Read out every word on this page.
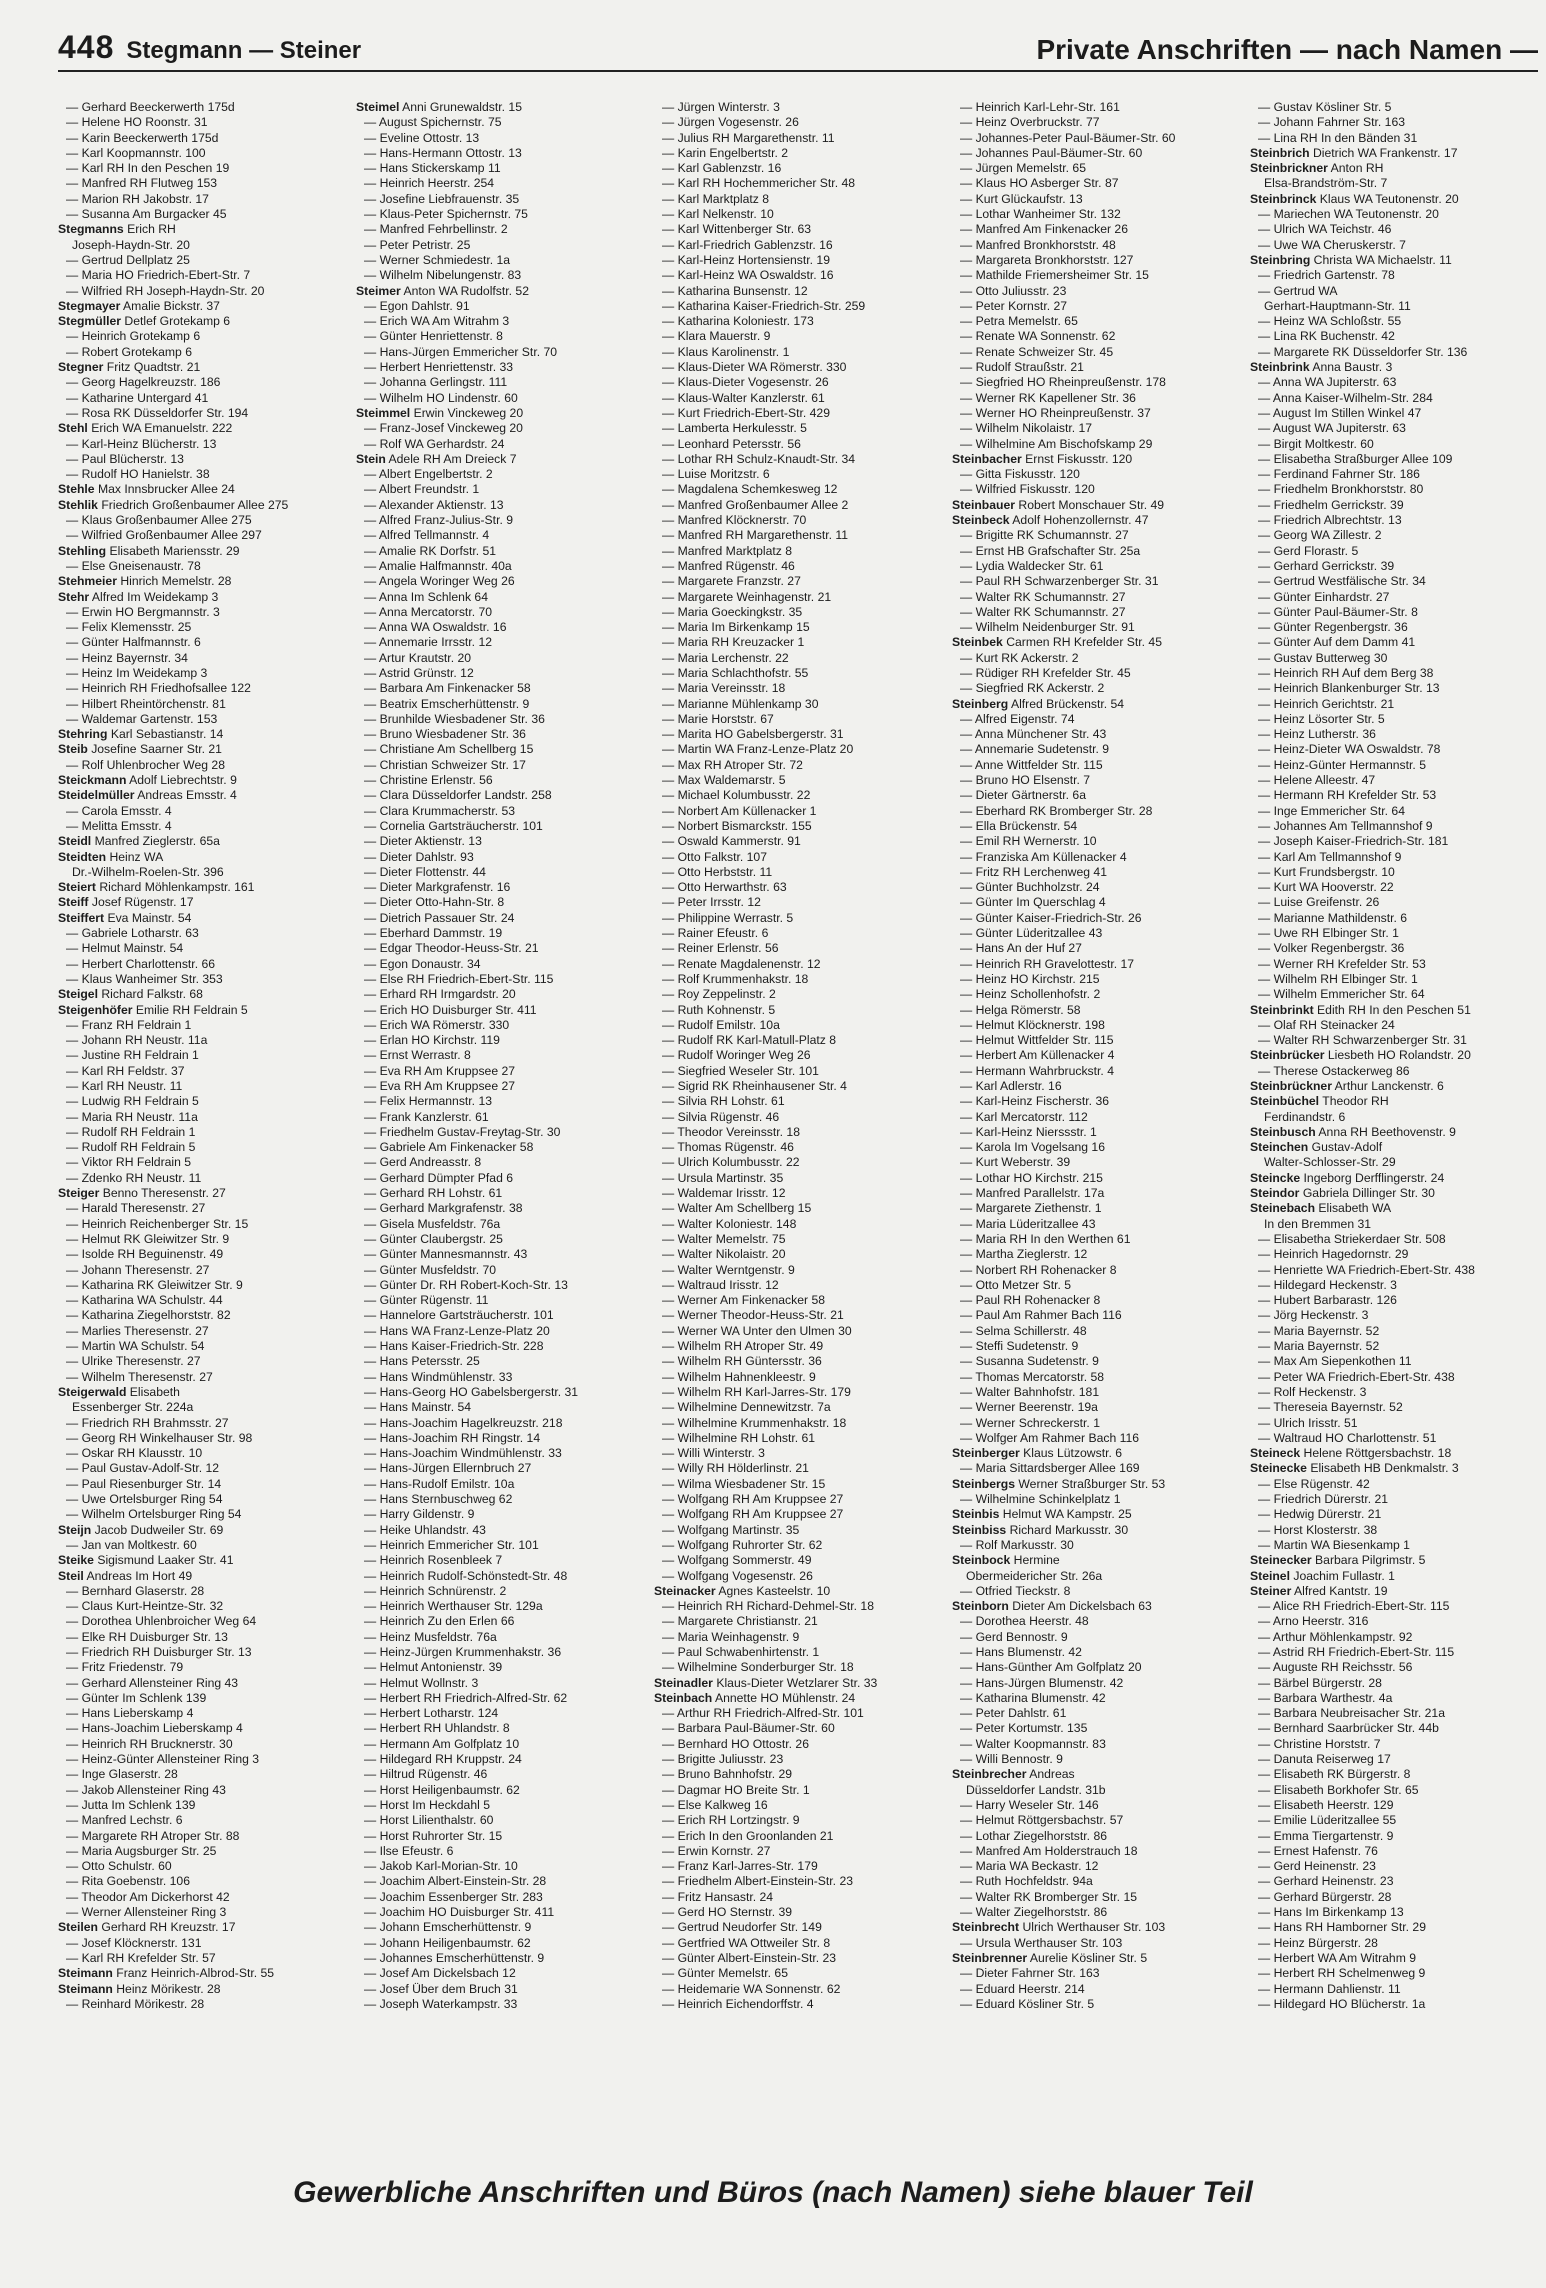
448 Stegmann — Steiner	Private Anschriften — nach Namen —
— Gerhard Beeckerwerth 175d
— Helene HO Roonstr. 31
— Karin Beeckerwerth 175d
— Karl Koopmannstr. 100
— Karl RH In den Peschen 19
— Manfred RH Flutweg 153
— Marion RH Jakobstr. 17
— Susanna Am Burgacker 45
Stegmanns Erich RH
Joseph-Haydn-Str. 20
— Gertrud Dellplatz 25
— Maria HO Friedrich-Ebert-Str. 7
— Wilfried RH Joseph-Haydn-Str. 20
Stegmayer Amalie Bickstr. 37
Stegmüller Detlef Grotekamp 6
— Heinrich Grotekamp 6
— Robert Grotekamp 6
Stegner Fritz Quadtstr. 21
— Georg Hagelkreuzstr. 186
— Katharine Untergard 41
— Rosa RK Düsseldorfer Str. 194
Stehl Erich WA Emanuelstr. 222
— Karl-Heinz Blücherstr. 13
— Paul Blücherstr. 13
— Rudolf HO Hanielstr. 38
Stehle Max Innsbrucker Allee 24
Stehlik Friedrich Großenbaumer Allee 275
— Klaus Großenbaumer Allee 275
— Wilfried Großenbaumer Allee 297
Stehling Elisabeth Mariensstr. 29
— Else Gneisenaustr. 78
Stehmeier Hinrich Memelstr. 28
Stehr Alfred Im Weidekamp 3
— Erwin HO Bergmannstr. 3
— Felix Klemensstr. 25
— Günter Halfmannstr. 6
— Heinz Bayernstr. 34
— Heinz Im Weidekamp 3
— Heinrich RH Friedhofsallee 122
— Hilbert Rheintörchenstr. 81
— Waldemar Gartenstr. 153
Stehring Karl Sebastianstr. 14
Steib Josefine Saarner Str. 21
— Rolf Uhlenbrocher Weg 28
Steickmann Adolf Liebrechtstr. 9
Steidelmüller Andreas Emsstr. 4
— Carola Emsstr. 4
— Melitta Emsstr. 4
Steidl Manfred Zieglerstr. 65a
Steidten Heinz WA
Dr.-Wilhelm-Roelen-Str. 396
Steiert Richard Möhlenkampstr. 161
Steiff Josef Rügenstr. 17
Steiffert Eva Mainstr. 54
— Gabriele Lotharstr. 63
— Helmut Mainstr. 54
— Herbert Charlottenstr. 66
— Klaus Wanheimer Str. 353
Steigel Richard Falkstr. 68
Steigenhöfer Emilie RH Feldrain 5
— Franz RH Feldrain 1
— Johann RH Neustr. 11a
— Justine RH Feldrain 1
— Karl RH Feldstr. 37
— Karl RH Neustr. 11
— Ludwig RH Feldrain 5
— Maria RH Neustr. 11a
— Rudolf RH Feldrain 1
— Rudolf RH Feldrain 5
— Viktor RH Feldrain 5
— Zdenko RH Neustr. 11
Steiger Benno Theresenstr. 27
— Harald Theresenstr. 27
— Heinrich Reichenberger Str. 15
— Helmut RK Gleiwitzer Str. 9
— Isolde RH Beguinenstr. 49
— Johann Theresenstr. 27
— Katharina RK Gleiwitzer Str. 9
— Katharina WA Schulstr. 44
— Katharina Ziegelhorststr. 82
— Marlies Theresenstr. 27
— Martin WA Schulstr. 54
— Ulrike Theresenstr. 27
— Wilhelm Theresenstr. 27
Steigerwald Elisabeth
Essenberger Str. 224a
— Friedrich RH Brahmsstr. 27
— Georg RH Winkelhauser Str. 98
— Oskar RH Klausstr. 10
— Paul Gustav-Adolf-Str. 12
— Paul Riesenburger Str. 14
— Uwe Ortelsburger Ring 54
— Wilhelm Ortelsburger Ring 54
Steijn Jacob Dudweiler Str. 69
— Jan van Moltkestr. 60
Steike Sigismund Laaker Str. 41
Steil Andreas Im Hort 49
— Bernhard Glaserstr. 28
— Claus Kurt-Heintze-Str. 32
— Dorothea Uhlenbroicher Weg 64
— Elke RH Duisburger Str. 13
— Friedrich RH Duisburger Str. 13
— Fritz Friedenstr. 79
— Gerhard Allensteiner Ring 43
— Günter Im Schlenk 139
— Hans Lieberskamp 4
— Hans-Joachim Lieberskamp 4
— Heinrich RH Brucknerstr. 30
— Heinz-Günter Allensteiner Ring 3
— Inge Glaserstr. 28
— Jakob Allensteiner Ring 43
— Jutta Im Schlenk 139
— Manfred Lechstr. 6
— Margarete RH Atroper Str. 88
— Maria Augsburger Str. 25
— Otto Schulstr. 60
— Rita Goebenstr. 106
— Theodor Am Dickerhorst 42
— Werner Allensteiner Ring 3
Steilen Gerhard RH Kreuzstr. 17
— Josef Klöcknerstr. 131
— Karl RH Krefelder Str. 57
Steimann Franz Heinrich-Albrod-Str. 55
Steimann Heinz Mörikestr. 28
— Reinhard Mörikestr. 28
Steimel Anni Grunewaldstr. 15
— August Spichernstr. 75
— Eveline Ottostr. 13
— Hans-Hermann Ottostr. 13
— Hans Stickerskamp 11
— Heinrich Heerstr. 254
— Josefine Liebfrauenstr. 35
— Klaus-Peter Spichernstr. 75
— Manfred Fehrbellinstr. 2
— Peter Petristr. 25
— Werner Schmiedestr. 1a
— Wilhelm Nibelungenstr. 83
Steimer Anton WA Rudolfstr. 52
— Egon Dahlstr. 91
— Erich WA Am Witrahm 3
— Günter Henriettenstr. 8
— Hans-Jürgen Emmericher Str. 70
— Herbert Henriettenstr. 33
— Johanna Gerlingstr. 111
— Wilhelm HO Lindenstr. 60
Steimmel Erwin Vinckeweg 20
— Franz-Josef Vinckeweg 20
— Rolf WA Gerhardstr. 24
Stein Adele RH Am Dreieck 7
— Albert Engelbertstr. 2
— Albert Freundstr. 1
— Alexander Aktienstr. 13
— Alfred Franz-Julius-Str. 9
— Alfred Tellmannstr. 4
— Amalie RK Dorfstr. 51
— Amalie Halfmannstr. 40a
— Angela Woringer Weg 26
— Anna Im Schlenk 64
— Anna Mercatorstr. 70
— Anna WA Oswaldstr. 16
— Annemarie Irrsstr. 12
— Artur Krautstr. 20
— Astrid Grünstr. 12
— Barbara Am Finkenacker 58
— Beatrix Emscherhüttenstr. 9
— Brunhilde Wiesbadener Str. 36
— Bruno Wiesbadener Str. 36
— Christiane Am Schellberg 15
— Christian Schweizer Str. 17
— Christine Erlenstr. 56
— Clara Düsseldorfer Landstr. 258
— Clara Krummacherstr. 53
— Cornelia Gartsträucherstr. 101
— Dieter Aktienstr. 13
— Dieter Dahlstr. 93
— Dieter Flottenstr. 44
— Dieter Markgrafenstr. 16
— Dieter Otto-Hahn-Str. 8
— Dietrich Passauer Str. 24
— Eberhard Dammstr. 19
— Edgar Theodor-Heuss-Str. 21
— Egon Donaustr. 34
— Else RH Friedrich-Ebert-Str. 115
— Erhard RH Irmgardstr. 20
— Erich HO Duisburger Str. 411
— Erich WA Römerstr. 330
— Erlan HO Kirchstr. 119
— Ernst Werrastr. 8
— Eva RH Am Kruppsee 27
— Eva RH Am Kruppsee 27
— Felix Hermannstr. 13
— Frank Kanzlerstr. 61
— Friedhelm Gustav-Freytag-Str. 30
— Gabriele Am Finkenacker 58
— Gerd Andreasstr. 8
— Gerhard Dümpter Pfad 6
— Gerhard RH Lohstr. 61
— Gerhard Markgrafenstr. 38
— Gisela Musfeldstr. 76a
— Günter Claubergstr. 25
— Günter Mannesmannstr. 43
— Günter Musfeldstr. 70
— Günter Dr. RH Robert-Koch-Str. 13
— Günter Rügenstr. 11
— Hannelore Gartsträucherstr. 101
— Hans WA Franz-Lenze-Platz 20
— Hans Kaiser-Friedrich-Str. 228
— Hans Petersstr. 25
— Hans Windmühlenstr. 33
— Hans-Georg HO Gabelsbergerstr. 31
— Hans Mainstr. 54
— Hans-Joachim Hagelkreuzstr. 218
— Hans-Joachim RH Ringstr. 14
— Hans-Joachim Windmühlenstr. 33
— Hans-Jürgen Ellernbruch 27
— Hans-Rudolf Emilstr. 10a
— Hans Sternbuschweg 62
— Harry Gildenstr. 9
— Heike Uhlandstr. 43
— Heinrich Emmericher Str. 101
— Heinrich Rosenbleek 7
— Heinrich Rudolf-Schönstedt-Str. 48
— Heinrich Schnürenstr. 2
— Heinrich Werthauser Str. 129a
— Heinrich Zu den Erlen 66
— Heinz Musfeldstr. 76a
— Heinz-Jürgen Krummenhakstr. 36
— Helmut Antonienstr. 39
— Helmut Wollnstr. 3
— Herbert RH Friedrich-Alfred-Str. 62
— Herbert Lotharstr. 124
— Herbert RH Uhlandstr. 8
— Hermann Am Golfplatz 10
— Hildegard RH Kruppstr. 24
— Hiltrud Rügenstr. 46
— Horst Heiligenbaumstr. 62
— Horst Im Heckdahl 5
— Horst Lilienthalstr. 60
— Horst Ruhrorter Str. 15
— Ilse Efeustr. 6
— Jakob Karl-Morian-Str. 10
— Joachim Albert-Einstein-Str. 28
— Joachim Essenberger Str. 283
— Joachim HO Duisburger Str. 411
— Johann Emscherhüttenstr. 9
— Johann Heiligenbaumstr. 62
— Johannes Emscherhüttenstr. 9
— Josef Am Dickelsbach 12
— Josef Über dem Bruch 31
— Joseph Waterkampstr. 33
— Jürgen Winterstr. 3
— Jürgen Vogesenstr. 26
— Julius RH Margarethenstr. 11
— Karin Engelbertstr. 2
— Karl Gablenzstr. 16
— Karl RH Hochemmericher Str. 48
— Karl Marktplatz 8
— Karl Nelkenstr. 10
— Karl Wittenberger Str. 63
— Karl-Friedrich Gablenzstr. 16
— Karl-Heinz Hortensienstr. 19
— Karl-Heinz WA Oswaldstr. 16
— Katharina Bunsenstr. 12
— Katharina Kaiser-Friedrich-Str. 259
— Katharina Koloniestr. 173
— Klara Mauerstr. 9
— Klaus Karolinenstr. 1
— Klaus-Dieter WA Römerstr. 330
— Klaus-Dieter Vogesenstr. 26
— Klaus-Walter Kanzlerstr. 61
— Kurt Friedrich-Ebert-Str. 429
— Lamberta Herkulesstr. 5
— Leonhard Petersstr. 56
— Lothar RH Schulz-Knaudt-Str. 34
— Luise Moritzstr. 6
— Magdalena Schemkesweg 12
— Manfred Großenbaumer Allee 2
— Manfred Klöcknerstr. 70
— Manfred RH Margarethenstr. 11
— Manfred Marktplatz 8
— Manfred Rügenstr. 46
— Margarete Franzstr. 27
— Margarete Weinhagenstr. 21
— Maria Goeckingkstr. 35
— Maria Im Birkenkamp 15
— Maria RH Kreuzacker 1
— Maria Lerchenstr. 22
— Maria Schlachthofstr. 55
— Maria Vereinsstr. 18
— Marianne Mühlenkamp 30
— Marie Horststr. 67
— Marita HO Gabelsbergerstr. 31
— Martin WA Franz-Lenze-Platz 20
— Max RH Atroper Str. 72
— Max Waldemarstr. 5
— Michael Kolumbusstr. 22
— Norbert Am Küllenacker 1
— Norbert Bismarckstr. 155
— Oswald Kammerstr. 91
— Otto Falkstr. 107
— Otto Herbststr. 11
— Otto Herwarthstr. 63
— Peter Irrsstr. 12
— Philippine Werrastr. 5
— Rainer Efeustr. 6
— Reiner Erlenstr. 56
— Renate Magdalenenstr. 12
— Rolf Krummenhakstr. 18
— Roy Zeppelinstr. 2
— Ruth Kohnenstr. 5
— Rudolf Emilstr. 10a
— Rudolf RK Karl-Matull-Platz 8
— Rudolf Woringer Weg 26
— Siegfried Weseler Str. 101
— Sigrid RK Rheinhausener Str. 4
— Silvia RH Lohstr. 61
— Silvia Rügenstr. 46
— Theodor Vereinsstr. 18
— Thomas Rügenstr. 46
— Ulrich Kolumbusstr. 22
— Ursula Martinstr. 35
— Waldemar Irisstr. 12
— Walter Am Schellberg 15
— Walter Koloniestr. 148
— Walter Memelstr. 75
— Walter Nikolaistr. 20
— Walter Werntgenstr. 9
— Waltraud Irisstr. 12
— Werner Am Finkenacker 58
— Werner Theodor-Heuss-Str. 21
— Werner WA Unter den Ulmen 30
— Wilhelm RH Atroper Str. 49
— Wilhelm RH Güntersstr. 36
— Wilhelm Hahnenkleestr. 9
— Wilhelm RH Karl-Jarres-Str. 179
— Wilhelmine Dennewitzstr. 7a
— Wilhelmine Krummenhakstr. 18
— Wilhelmine RH Lohstr. 61
— Willi Winterstr. 3
— Willy RH Hölderlinstr. 21
— Wilma Wiesbadener Str. 15
— Wolfgang RH Am Kruppsee 27
— Wolfgang RH Am Kruppsee 27
— Wolfgang Martinstr. 35
— Wolfgang Ruhrorter Str. 62
— Wolfgang Sommerstr. 49
— Wolfgang Vogesenstr. 26
Steinacker Agnes Kasteelstr. 10
— Heinrich RH Richard-Dehmel-Str. 18
— Margarete Christianstr. 21
— Maria Weinhagenstr. 9
— Paul Schwabenhirtenstr. 1
— Wilhelmine Sonderburger Str. 18
Steinadler Klaus-Dieter Wetzlarer Str. 33
Steinbach Annette HO Mühlenstr. 24
— Arthur RH Friedrich-Alfred-Str. 101
— Barbara Paul-Bäumer-Str. 60
— Bernhard HO Ottostr. 26
— Brigitte Juliusstr. 23
— Bruno Bahnhofstr. 29
— Dagmar HO Breite Str. 1
— Else Kalkweg 16
— Erich RH Lortzingstr. 9
— Erich In den Groonlanden 21
— Erwin Kornstr. 27
— Franz Karl-Jarres-Str. 179
— Friedhelm Albert-Einstein-Str. 23
— Fritz Hansastr. 24
— Gerd HO Sternstr. 39
— Gertrud Neudorfer Str. 149
— Gertfried WA Ottweiler Str. 8
— Günter Albert-Einstein-Str. 23
— Günter Memelstr. 65
— Heidemarie WA Sonnenstr. 62
— Heinrich Eichendorffstr. 4
— Heinrich Karl-Lehr-Str. 161
— Heinz Overbruckstr. 77
— Johannes-Peter Paul-Bäumer-Str. 60
— Johannes Paul-Bäumer-Str. 60
— Jürgen Memelstr. 65
— Klaus HO Asberger Str. 87
— Kurt Glückaufstr. 13
— Lothar Wanheimer Str. 132
— Manfred Am Finkenacker 26
— Manfred Bronkhorststr. 48
— Margareta Bronkhorststr. 127
— Mathilde Friemersheimer Str. 15
— Otto Juliusstr. 23
— Peter Kornstr. 27
— Petra Memelstr. 65
— Renate WA Sonnenstr. 62
— Renate Schweizer Str. 45
— Rudolf Straußstr. 21
— Siegfried HO Rheinpreußenstr. 178
— Werner RK Kapellener Str. 36
— Werner HO Rheinpreußenstr. 37
— Wilhelm Nikolaistr. 17
— Wilhelmine Am Bischofskamp 29
Steinbacher Ernst Fiskusstr. 120
— Gitta Fiskusstr. 120
— Wilfried Fiskusstr. 120
Steinbauer Robert Monschauer Str. 49
Steinbeck Adolf Hohenzollernstr. 47
— Brigitte RK Schumannstr. 27
— Ernst HB Grafschafter Str. 25a
— Lydia Waldecker Str. 61
— Paul RH Schwarzenberger Str. 31
— Walter RK Schumannstr. 27
— Walter RK Schumannstr. 27
— Wilhelm Neidenburger Str. 91
Steinbek Carmen RH Krefelder Str. 45
— Kurt RK Ackerstr. 2
— Rüdiger RH Krefelder Str. 45
— Siegfried RK Ackerstr. 2
Steinberg Alfred Brückenstr. 54
— Alfred Eigenstr. 74
— Anna Münchener Str. 43
— Annemarie Sudetenstr. 9
— Anne Wittfelder Str. 115
— Bruno HO Elsenstr. 7
— Dieter Gärtnerstr. 6a
— Eberhard RK Bromberger Str. 28
— Ella Brückenstr. 54
— Emil RH Wernerstr. 10
— Franziska Am Küllenacker 4
— Fritz RH Lerchenweg 41
— Günter Buchholzstr. 24
— Günter Im Querschlag 4
— Günter Kaiser-Friedrich-Str. 26
— Günter Lüderitzallee 43
— Hans An der Huf 27
— Heinrich RH Gravelottestr. 17
— Heinz HO Kirchstr. 215
— Heinz Schollenhofstr. 2
— Helga Römerstr. 58
— Helmut Klöcknerstr. 198
— Helmut Wittfelder Str. 115
— Herbert Am Küllenacker 4
— Hermann Wahrbruckstr. 4
— Karl Adlerstr. 16
— Karl-Heinz Fischerstr. 36
— Karl Mercatorstr. 112
— Karl-Heinz Nierssstr. 1
— Karola Im Vogelsang 16
— Kurt Weberstr. 39
— Lothar HO Kirchstr. 215
— Manfred Parallelstr. 17a
— Margarete Ziethenstr. 1
— Maria Lüderitzallee 43
— Maria RH In den Werthen 61
— Martha Zieglerstr. 12
— Norbert RH Rohenacker 8
— Otto Metzer Str. 5
— Paul RH Rohenacker 8
— Paul Am Rahmer Bach 116
— Selma Schillerstr. 48
— Steffi Sudetenstr. 9
— Susanna Sudetenstr. 9
— Thomas Mercatorstr. 58
— Walter Bahnhofstr. 181
— Werner Beerenstr. 19a
— Werner Schreckerstr. 1
— Wolfger Am Rahmer Bach 116
Steinberger Klaus Lützowstr. 6
— Maria Sittardsberger Allee 169
Steinbergs Werner Straßburger Str. 53
— Wilhelmine Schinkelplatz 1
Steinbis Helmut WA Kampstr. 25
Steinbiss Richard Markusstr. 30
— Rolf Markusstr. 30
Steinbock Hermine
Obermeidericher Str. 26a
— Otfried Tieckstr. 8
Steinborn Dieter Am Dickelsbach 63
— Dorothea Heerstr. 48
— Gerd Bennostr. 9
— Hans Blumenstr. 42
— Hans-Günther Am Golfplatz 20
— Hans-Jürgen Blumenstr. 42
— Katharina Blumenstr. 42
— Peter Dahlstr. 61
— Peter Kortumstr. 135
— Walter Koopmannstr. 83
— Willi Bennostr. 9
Steinbrecher Andreas
Düsseldorfer Landstr. 31b
— Harry Weseler Str. 146
— Helmut Röttgersbachstr. 57
— Lothar Ziegelhorststr. 86
— Manfred Am Holderstrauch 18
— Maria WA Beckastr. 12
— Ruth Hochfeldstr. 94a
— Walter RK Bromberger Str. 15
— Walter Ziegelhorststr. 86
Steinbrecht Ulrich Werthauser Str. 103
— Ursula Werthauser Str. 103
Steinbrenner Aurelie Kösliner Str. 5
— Dieter Fahrner Str. 163
— Eduard Heerstr. 214
— Eduard Kösliner Str. 5
— Gustav Kösliner Str. 5
— Johann Fahrner Str. 163
— Lina RH In den Bänden 31
Steinbrich Dietrich WA Frankenstr. 17
Steinbrickner Anton RH
Elsa-Brandström-Str. 7
Steinbrinck Klaus WA Teutonenstr. 20
— Mariechen WA Teutonenstr. 20
— Ulrich WA Teichstr. 46
— Uwe WA Cheruskerstr. 7
Steinbring Christa WA Michaelstr. 11
— Friedrich Gartenstr. 78
— Gertrud WA
Gerhart-Hauptmann-Str. 11
— Heinz WA Schloßstr. 55
— Lina RK Buchenstr. 42
— Margarete RK Düsseldorfer Str. 136
Steinbrink Anna Baustr. 3
— Anna WA Jupiterstr. 63
— Anna Kaiser-Wilhelm-Str. 284
— August Im Stillen Winkel 47
— August WA Jupiterstr. 63
— Birgit Moltkestr. 60
— Elisabetha Straßburger Allee 109
— Ferdinand Fahrner Str. 186
— Friedhelm Bronkhorststr. 80
— Friedhelm Gerrickstr. 39
— Friedrich Albrechtstr. 13
— Georg WA Zillestr. 2
— Gerd Florastr. 5
— Gerhard Gerrickstr. 39
— Gertrud Westfälische Str. 34
— Günter Einhardstr. 27
— Günter Paul-Bäumer-Str. 8
— Günter Regenbergstr. 36
— Günter Auf dem Damm 41
— Gustav Butterweg 30
— Heinrich RH Auf dem Berg 38
— Heinrich Blankenburger Str. 13
— Heinrich Gerichtstr. 21
— Heinz Lösorter Str. 5
— Heinz Lutherstr. 36
— Heinz-Dieter WA Oswaldstr. 78
— Heinz-Günter Hermannstr. 5
— Helene Alleestr. 47
— Hermann RH Krefelder Str. 53
— Inge Emmericher Str. 64
— Johannes Am Tellmannshof 9
— Joseph Kaiser-Friedrich-Str. 181
— Karl Am Tellmannshof 9
— Kurt Frundsbergstr. 10
— Kurt WA Hooverstr. 22
— Luise Greifenstr. 26
— Marianne Mathildenstr. 6
— Uwe RH Elbinger Str. 1
— Volker Regenbergstr. 36
— Werner RH Krefelder Str. 53
— Wilhelm RH Elbinger Str. 1
— Wilhelm Emmericher Str. 64
Steinbrinkt Edith RH In den Peschen 51
— Olaf RH Steinacker 24
— Walter RH Schwarzenberger Str. 31
Steinbrücker Liesbeth HO Rolandstr. 20
— Therese Ostackerweg 86
Steinbrückner Arthur Lanckenstr. 6
Steinbüchel Theodor RH
Ferdinandstr. 6
Steinbusch Anna RH Beethovenstr. 9
Steinchen Gustav-Adolf
Walter-Schlosser-Str. 29
Steincke Ingeborg Derfflingerstr. 24
Steindor Gabriela Dillinger Str. 30
Steinebach Elisabeth WA
In den Bremmen 31
— Elisabetha Striekerdaer Str. 508
— Heinrich Hagedornstr. 29
— Henriette WA Friedrich-Ebert-Str. 438
— Hildegard Heckenstr. 3
— Hubert Barbarastr. 126
— Jörg Heckenstr. 3
— Maria Bayernstr. 52
— Maria Bayernstr. 52
— Max Am Siepenkothen 11
— Peter WA Friedrich-Ebert-Str. 438
— Rolf Heckenstr. 3
— Thereseia Bayernstr. 52
— Ulrich Irisstr. 51
— Waltraud HO Charlottenstr. 51
Steineck Helene Röttgersbachstr. 18
Steinecke Elisabeth HB Denkmalstr. 3
— Else Rügenstr. 42
— Friedrich Dürerstr. 21
— Hedwig Dürerstr. 21
— Horst Klosterstr. 38
— Martin WA Biesenkamp 1
Steinecker Barbara Pilgrimstr. 5
Steinel Joachim Fullastr. 1
Steiner Alfred Kantstr. 19
— Alice RH Friedrich-Ebert-Str. 115
— Arno Heerstr. 316
— Arthur Möhlenkampstr. 92
— Astrid RH Friedrich-Ebert-Str. 115
— Auguste RH Reichsstr. 56
— Bärbel Bürgerstr. 28
— Barbara Warthestr. 4a
— Barbara Neubreisacher Str. 21a
— Bernhard Saarbrücker Str. 44b
— Christine Horststr. 7
— Danuta Reiserweg 17
— Elisabeth RK Bürgerstr. 8
— Elisabeth Borkhofer Str. 65
— Elisabeth Heerstr. 129
— Emilie Lüderitzallee 55
— Emma Tiergartenstr. 9
— Ernest Hafenstr. 76
— Gerd Heinenstr. 23
— Gerhard Heinenstr. 23
— Gerhard Bürgerstr. 28
— Hans Im Birkenkamp 13
— Hans RH Hamborner Str. 29
— Heinz Bürgerstr. 28
— Herbert WA Am Witrahm 9
— Herbert RH Schelmenweg 9
— Hermann Dahlienstr. 11
— Hildegard HO Blücherstr. 1a
Gewerbliche Anschriften und Büros (nach Namen) siehe blauer Teil
